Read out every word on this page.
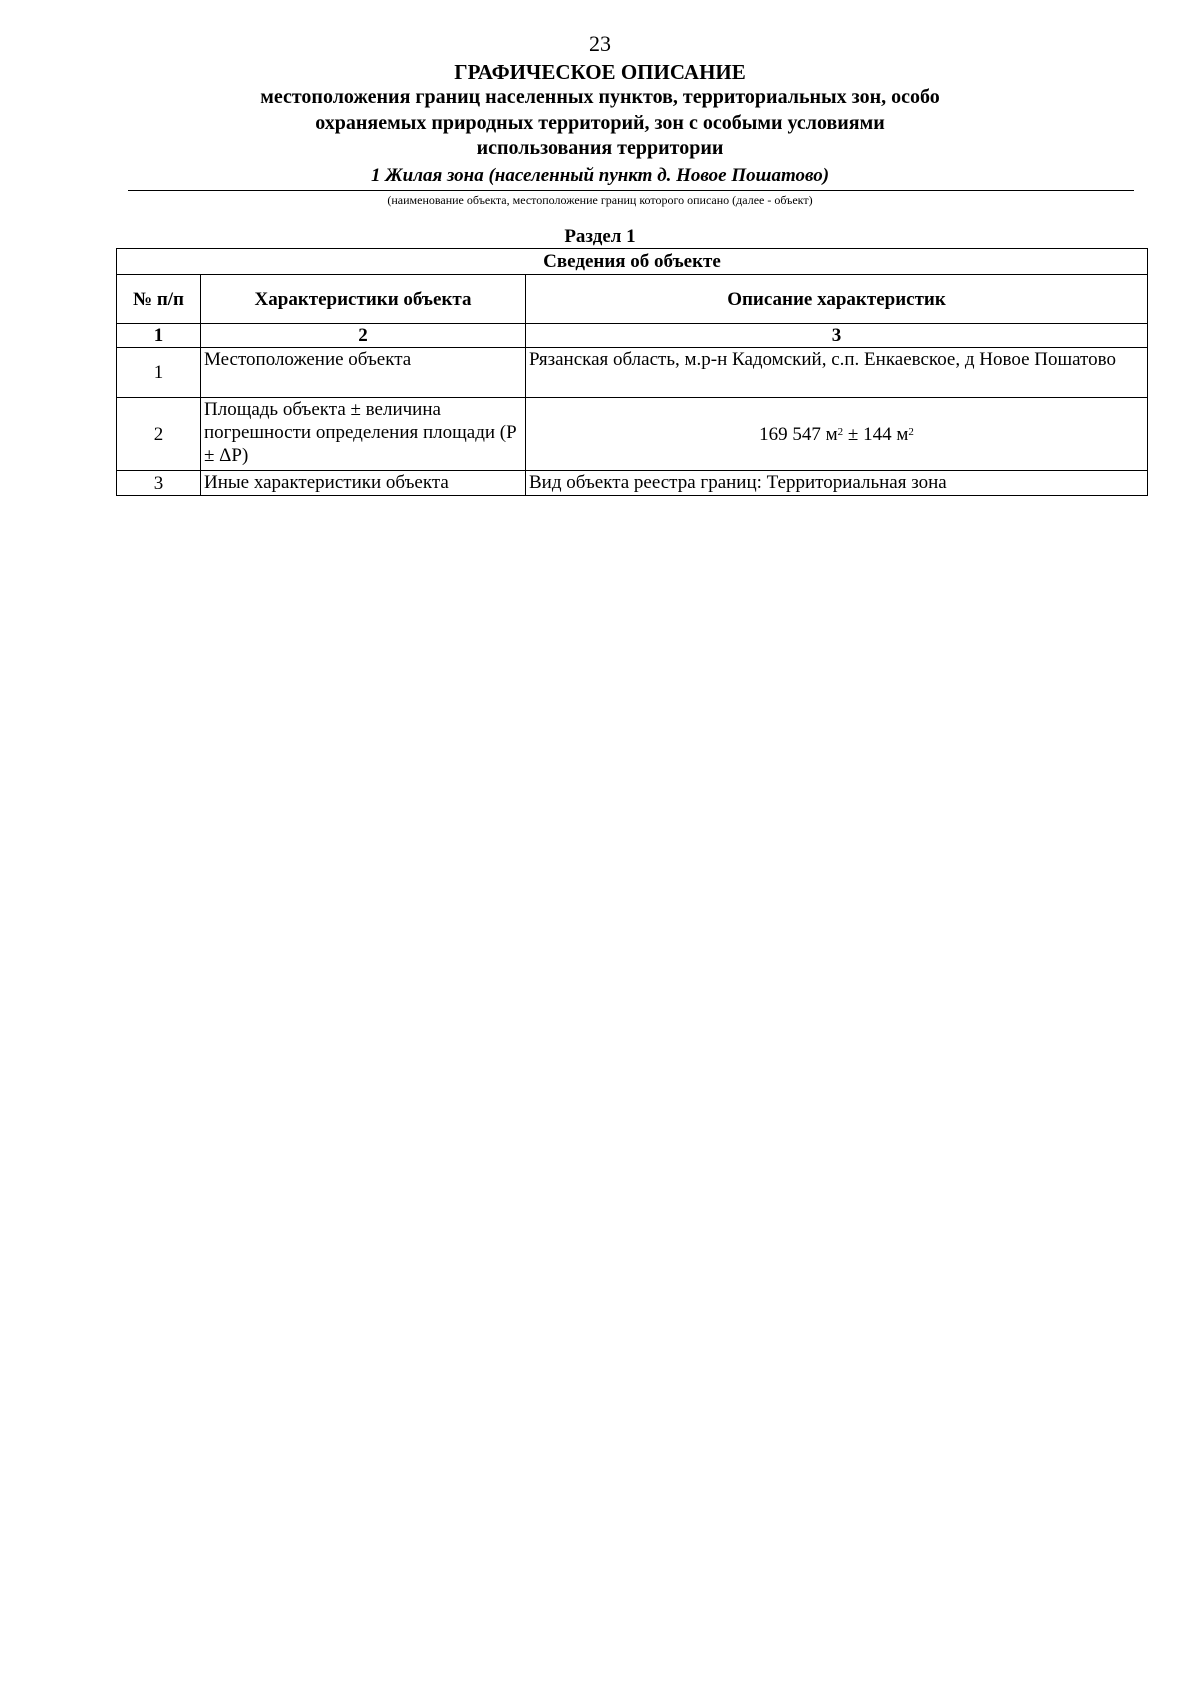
23
ГРАФИЧЕСКОЕ ОПИСАНИЕ
местоположения границ населенных пунктов, территориальных зон, особо охраняемых природных территорий, зон с особыми условиями использования территории
1 Жилая зона (населенный пункт д. Новое Пошатово)
(наименование объекта, местоположение границ которого описано (далее - объект)
Раздел 1
Сведения об объекте		
№ п/п	Характеристики объекта	Описание характеристик
1	2	3
1	Местоположение объекта	Рязанская область, м.р-н Кадомский, с.п. Енкаевское, д Новое Пошатово
2	Площадь объекта ± величина погрешности определения площади (P ± ΔP)	169 547 $м^2 \pm 144$ $м^2$
3	Иные характеристики объекта	Вид объекта реестра границ: Территориальная зона
